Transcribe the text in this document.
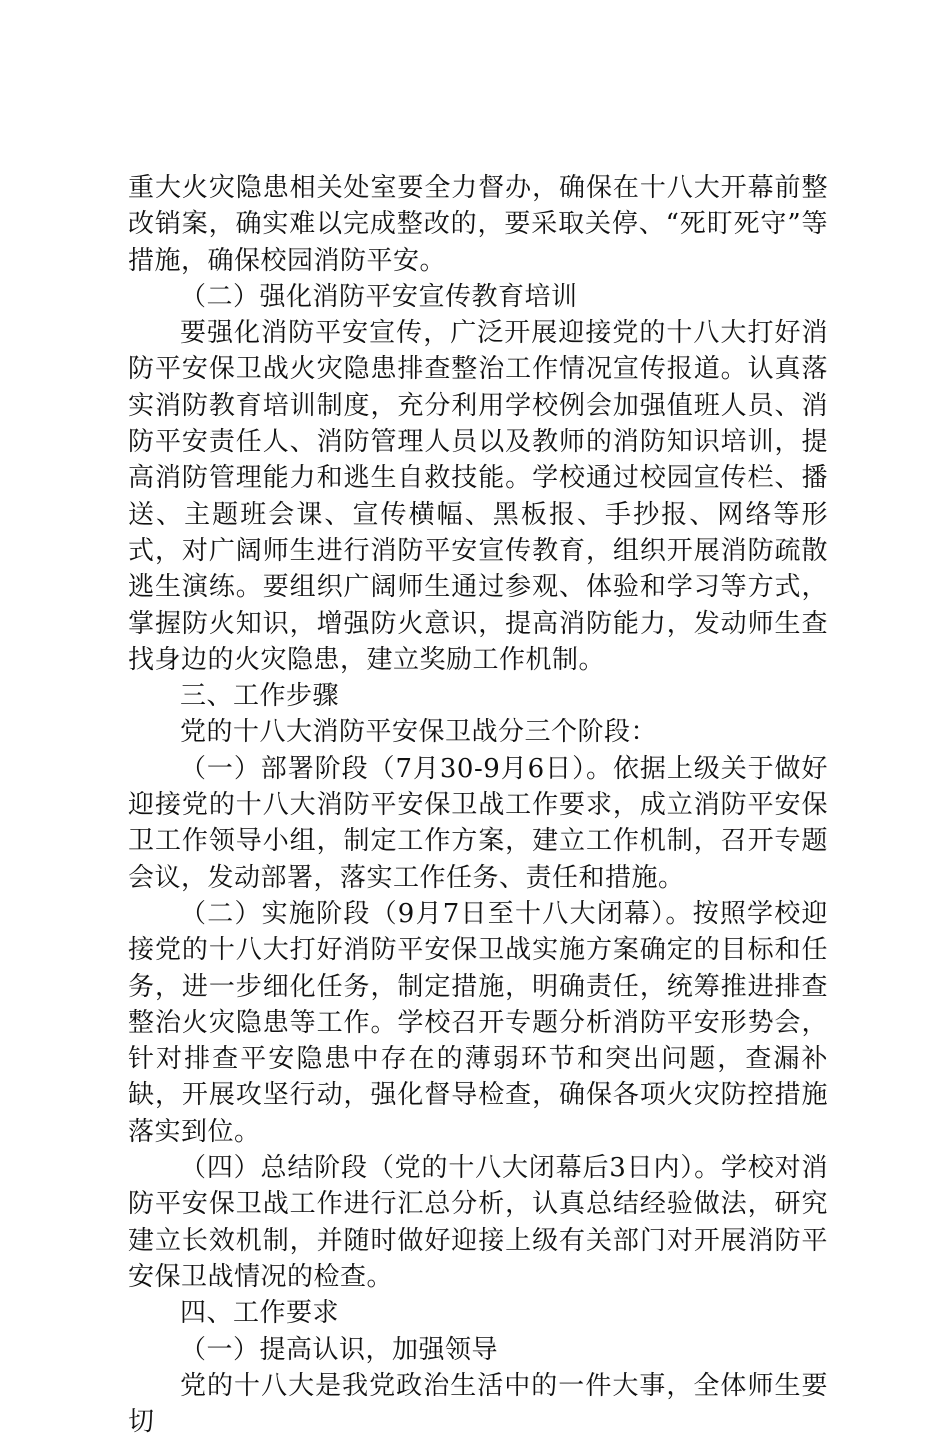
重大火灾隐患相关处室要全力督办，确保在十八大开幕前整改销案，确实难以完成整改的，要采取关停、“死盯死守”等措施，确保校园消防平安。

（二）强化消防平安宣传教育培训

要强化消防平安宣传，广泛开展迎接党的十八大打好消防平安保卫战火灾隐患排查整治工作情况宣传报道。认真落实消防教育培训制度，充分利用学校例会加强值班人员、消防平安责任人、消防管理人员以及教师的消防知识培训，提高消防管理能力和逃生自救技能。学校通过校园宣传栏、播送、主题班会课、宣传横幅、黑板报、手抄报、网络等形式，对广阔师生进行消防平安宣传教育，组织开展消防疏散逃生演练。要组织广阔师生通过参观、体验和学习等方式，掌握防火知识，增强防火意识，提高消防能力，发动师生查找身边的火灾隐患，建立奖励工作机制。

三、工作步骤

党的十八大消防平安保卫战分三个阶段：

（一）部署阶段（7月30-9月6日）。依据上级关于做好迎接党的十八大消防平安保卫战工作要求，成立消防平安保卫工作领导小组，制定工作方案，建立工作机制，召开专题会议，发动部署，落实工作任务、责任和措施。

（二）实施阶段（9月7日至十八大闭幕）。按照学校迎接党的十八大打好消防平安保卫战实施方案确定的目标和任务，进一步细化任务，制定措施，明确责任，统筹推进排查整治火灾隐患等工作。学校召开专题分析消防平安形势会，针对排查平安隐患中存在的薄弱环节和突出问题，查漏补缺，开展攻坚行动，强化督导检查，确保各项火灾防控措施落实到位。

（四）总结阶段（党的十八大闭幕后3日内）。学校对消防平安保卫战工作进行汇总分析，认真总结经验做法，研究建立长效机制，并随时做好迎接上级有关部门对开展消防平安保卫战情况的检查。

四、工作要求

（一）提高认识，加强领导

党的十八大是我党政治生活中的一件大事，全体师生要切
